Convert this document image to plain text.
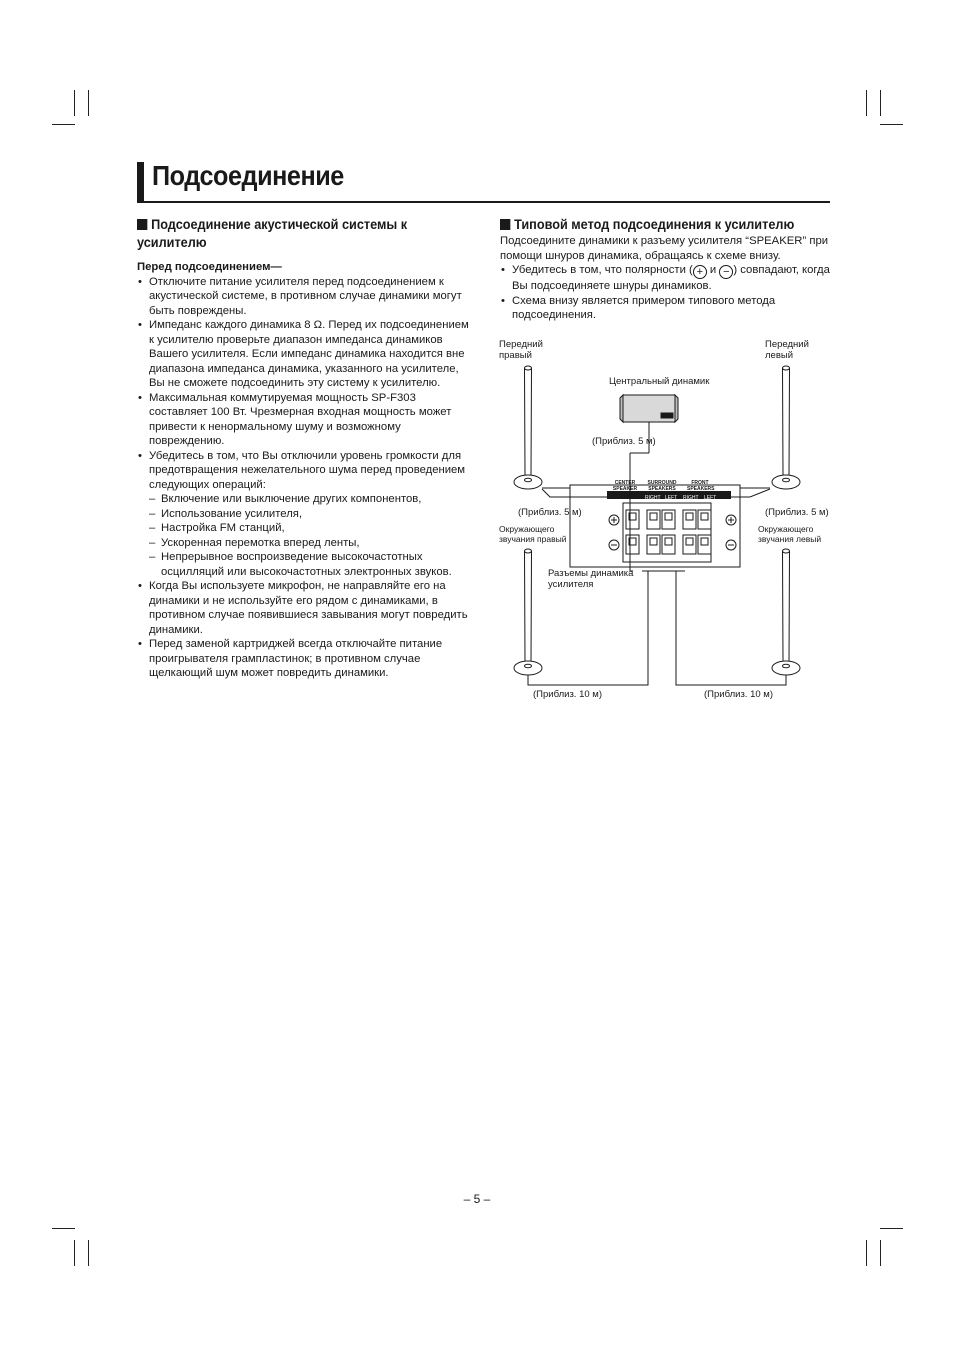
Подсоединение
Подсоединение акустической системы к усилителю

Перед подсоединением—

• Отключите питание усилителя перед подсоединением к акустической системе, в противном случае динамики могут быть повреждены.
• Импеданс каждого динамика 8 Ω. Перед их подсоединением к усилителю проверьте диапазон импеданса динамиков Вашего усилителя. Если импеданс динамика находится вне диапазона импеданса динамика, указанного на усилителе, Вы не сможете подсоединить эту систему к усилителю.
• Максимальная коммутируемая мощность SP-F303 составляет 100 Вт. Чрезмерная входная мощность может привести к ненормальному шуму и возможному повреждению.
• Убедитесь в том, что Вы отключили уровень громкости для предотвращения нежелательного шума перед проведением следующих операций:
– Включение или выключение других компонентов,
– Использование усилителя,
– Настройка FM станций,
– Ускоренная перемотка вперед ленты,
– Непрерывное воспроизведение высокочастотных осцилляций или высокочастотных электронных звуков.
• Когда Вы используете микрофон, не направляйте его на динамики и не используйте его рядом с динамиками, в противном случае появившиеся завывания могут повредить динамики.
• Перед заменой картриджей всегда отключайте питание проигрывателя грампластинок; в противном случае щелкающий шум может повредить динамики.
Типовой метод подсоединения к усилителю

Подсоедините динамики к разъему усилителя “SPEAKER” при помощи шнуров динамика, обращаясь к схеме внизу.

• Убедитесь в том, что полярности ( + и − ) совпадают, когда Вы подсоединяете шнуры динамиков.
• Схема внизу является примером типового метода подсоединения.
Передний правый
Передний левый
Центральный динамик
(Приблиз. 5 м)
(Приблиз. 5 м)	(Приблиз. 5 м)
Окружающего звучания правый
Окружающего звучания левый
Разъемы динамика усилителя
(Приблиз. 10 м)	(Приблиз. 10 м)
CENTER SPEAKER
SURROUND SPEAKERS
FRONT SPEAKERS
RIGHT LEFT RIGHT LEFT
– 5 –
